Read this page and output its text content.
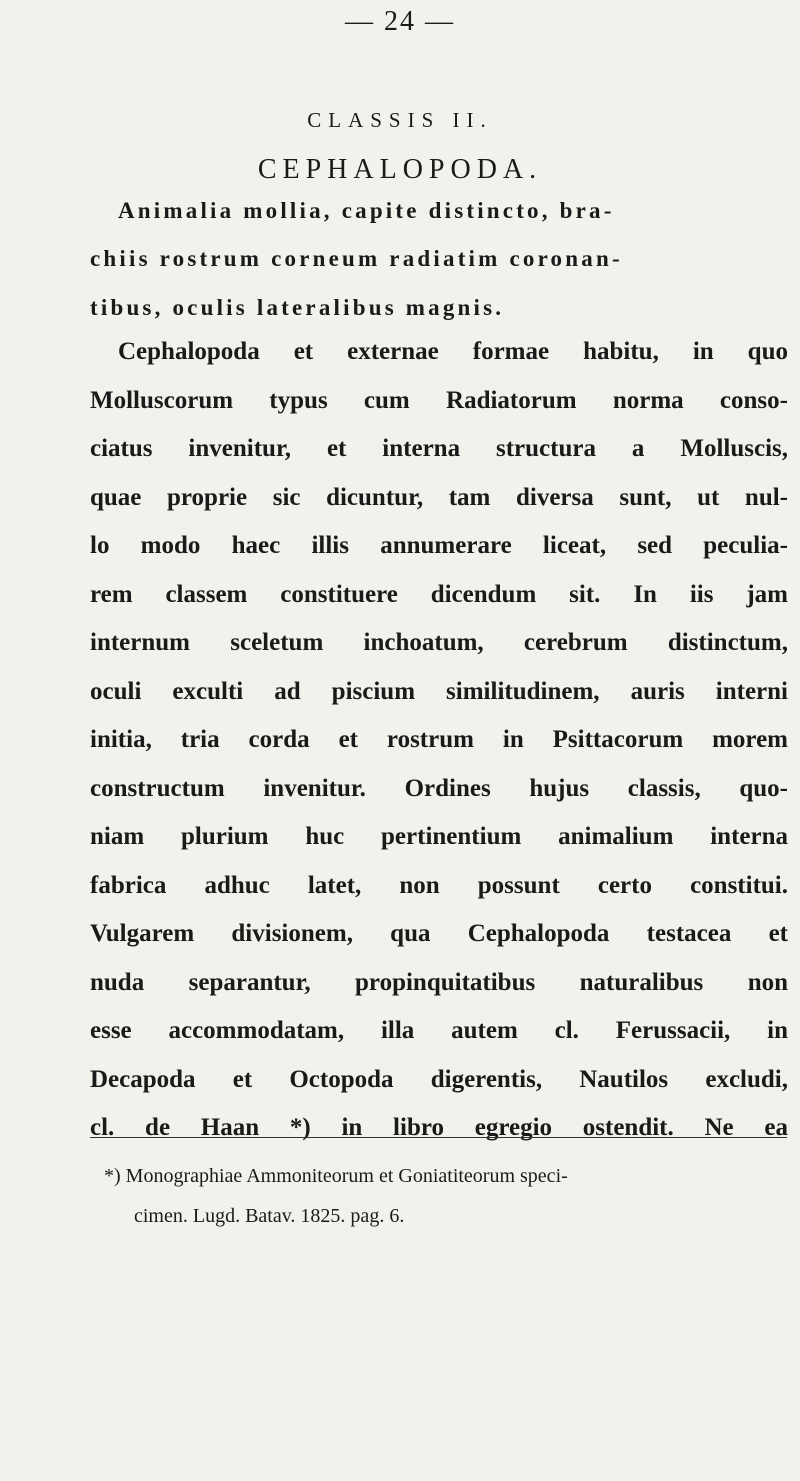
— 24 —
CLASSIS II.
CEPHALOPODA.
Animalia mollia, capite distincto, bra-
chiis rostrum corneum radiatim coronan-
tibus, oculis lateralibus magnis.
Cephalopoda et externae formae habitu, in quo
Molluscorum typus cum Radiatorum norma conso-
ciatus invenitur, et interna structura a Molluscis,
quae proprie sic dicuntur, tam diversa sunt, ut nul-
lo modo haec illis annumerare liceat, sed peculia-
rem classem constituere dicendum sit. In iis jam
internum sceletum inchoatum, cerebrum distinctum,
oculi exculti ad piscium similitudinem, auris interni
initia, tria corda et rostrum in Psittacorum morem
constructum invenitur. Ordines hujus classis, quo-
niam plurium huc pertinentium animalium interna
fabrica adhuc latet, non possunt certo constitui.
Vulgarem divisionem, qua Cephalopoda testacea et
nuda separantur, propinquitatibus naturalibus non
esse accommodatam, illa autem cl. Ferussacii, in
Decapoda et Octopoda digerentis, Nautilos excludi,
cl. de Haan *) in libro egregio ostendit. Ne ea
*) Monographiae Ammoniteorum et Goniatiteorum speci-
cimen. Lugd. Batav. 1825. pag. 6.
